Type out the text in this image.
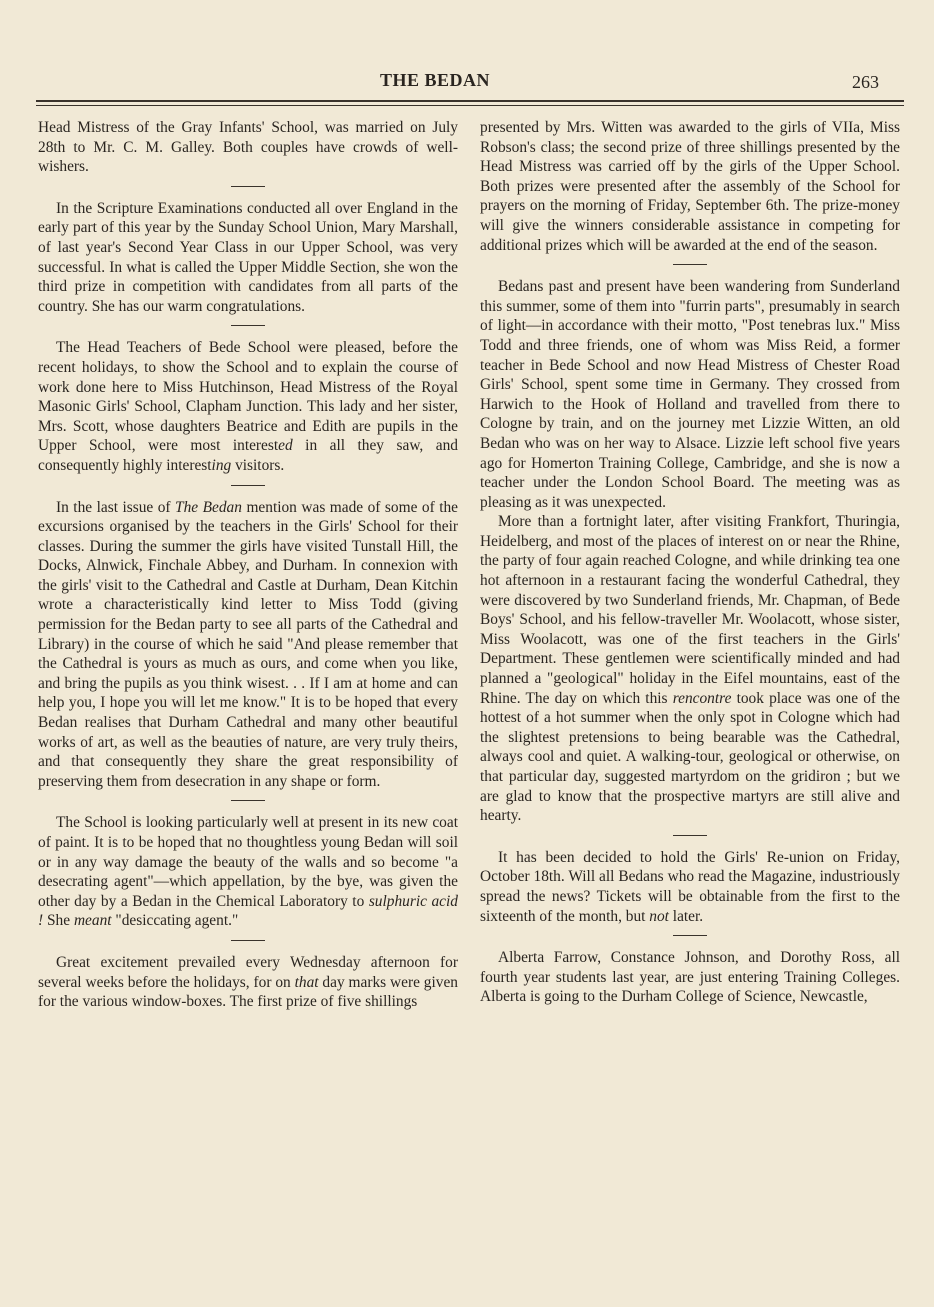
THE BEDAN	263

Head Mistress of the Gray Infants' School, was married on July 28th to Mr. C. M. Galley. Both couples have crowds of well-wishers.

In the Scripture Examinations conducted all over England in the early part of this year by the Sunday School Union, Mary Marshall, of last year's Second Year Class in our Upper School, was very successful. In what is called the Upper Middle Section, she won the third prize in competition with candidates from all parts of the country. She has our warm congratulations.

The Head Teachers of Bede School were pleased, before the recent holidays, to show the School and to explain the course of work done here to Miss Hutchinson, Head Mistress of the Royal Masonic Girls' School, Clapham Junction. This lady and her sister, Mrs. Scott, whose daughters Beatrice and Edith are pupils in the Upper School, were most interested in all they saw, and consequently highly interesting visitors.

In the last issue of The Bedan mention was made of some of the excursions organised by the teachers in the Girls' School for their classes. During the summer the girls have visited Tunstall Hill, the Docks, Alnwick, Finchale Abbey, and Durham. In connexion with the girls' visit to the Cathedral and Castle at Durham, Dean Kitchin wrote a characteristically kind letter to Miss Todd (giving permission for the Bedan party to see all parts of the Cathedral and Library) in the course of which he said "And please remember that the Cathedral is yours as much as ours, and come when you like, and bring the pupils as you think wisest. . . If I am at home and can help you, I hope you will let me know." It is to be hoped that every Bedan realises that Durham Cathedral and many other beautiful works of art, as well as the beauties of nature, are very truly theirs, and that consequently they share the great responsibility of preserving them from desecration in any shape or form.

The School is looking particularly well at present in its new coat of paint. It is to be hoped that no thoughtless young Bedan will soil or in any way damage the beauty of the walls and so become "a desecrating agent"—which appellation, by the bye, was given the other day by a Bedan in the Chemical Laboratory to sulphuric acid ! She meant "desiccating agent."

Great excitement prevailed every Wednesday afternoon for several weeks before the holidays, for on that day marks were given for the various window-boxes. The first prize of five shillings

presented by Mrs. Witten was awarded to the girls of VIIa, Miss Robson's class; the second prize of three shillings presented by the Head Mistress was carried off by the girls of the Upper School. Both prizes were presented after the assembly of the School for prayers on the morning of Friday, September 6th. The prize-money will give the winners considerable assistance in competing for additional prizes which will be awarded at the end of the season.

Bedans past and present have been wandering from Sunderland this summer, some of them into "furrin parts", presumably in search of light—in accordance with their motto, "Post tenebras lux." Miss Todd and three friends, one of whom was Miss Reid, a former teacher in Bede School and now Head Mistress of Chester Road Girls' School, spent some time in Germany. They crossed from Harwich to the Hook of Holland and travelled from there to Cologne by train, and on the journey met Lizzie Witten, an old Bedan who was on her way to Alsace. Lizzie left school five years ago for Homerton Training College, Cambridge, and she is now a teacher under the London School Board. The meeting was as pleasing as it was unexpected.

More than a fortnight later, after visiting Frankfort, Thuringia, Heidelberg, and most of the places of interest on or near the Rhine, the party of four again reached Cologne, and while drinking tea one hot afternoon in a restaurant facing the wonderful Cathedral, they were discovered by two Sunderland friends, Mr. Chapman, of Bede Boys' School, and his fellow-traveller Mr. Woolacott, whose sister, Miss Woolacott, was one of the first teachers in the Girls' Department. These gentlemen were scientifically minded and had planned a "geological" holiday in the Eifel mountains, east of the Rhine. The day on which this rencontre took place was one of the hottest of a hot summer when the only spot in Cologne which had the slightest pretensions to being bearable was the Cathedral, always cool and quiet. A walking-tour, geological or otherwise, on that particular day, suggested martyrdom on the gridiron ; but we are glad to know that the prospective martyrs are still alive and hearty.

It has been decided to hold the Girls' Re-union on Friday, October 18th. Will all Bedans who read the Magazine, industriously spread the news? Tickets will be obtainable from the first to the sixteenth of the month, but not later.

Alberta Farrow, Constance Johnson, and Dorothy Ross, all fourth year students last year, are just entering Training Colleges. Alberta is going to the Durham College of Science, Newcastle,
